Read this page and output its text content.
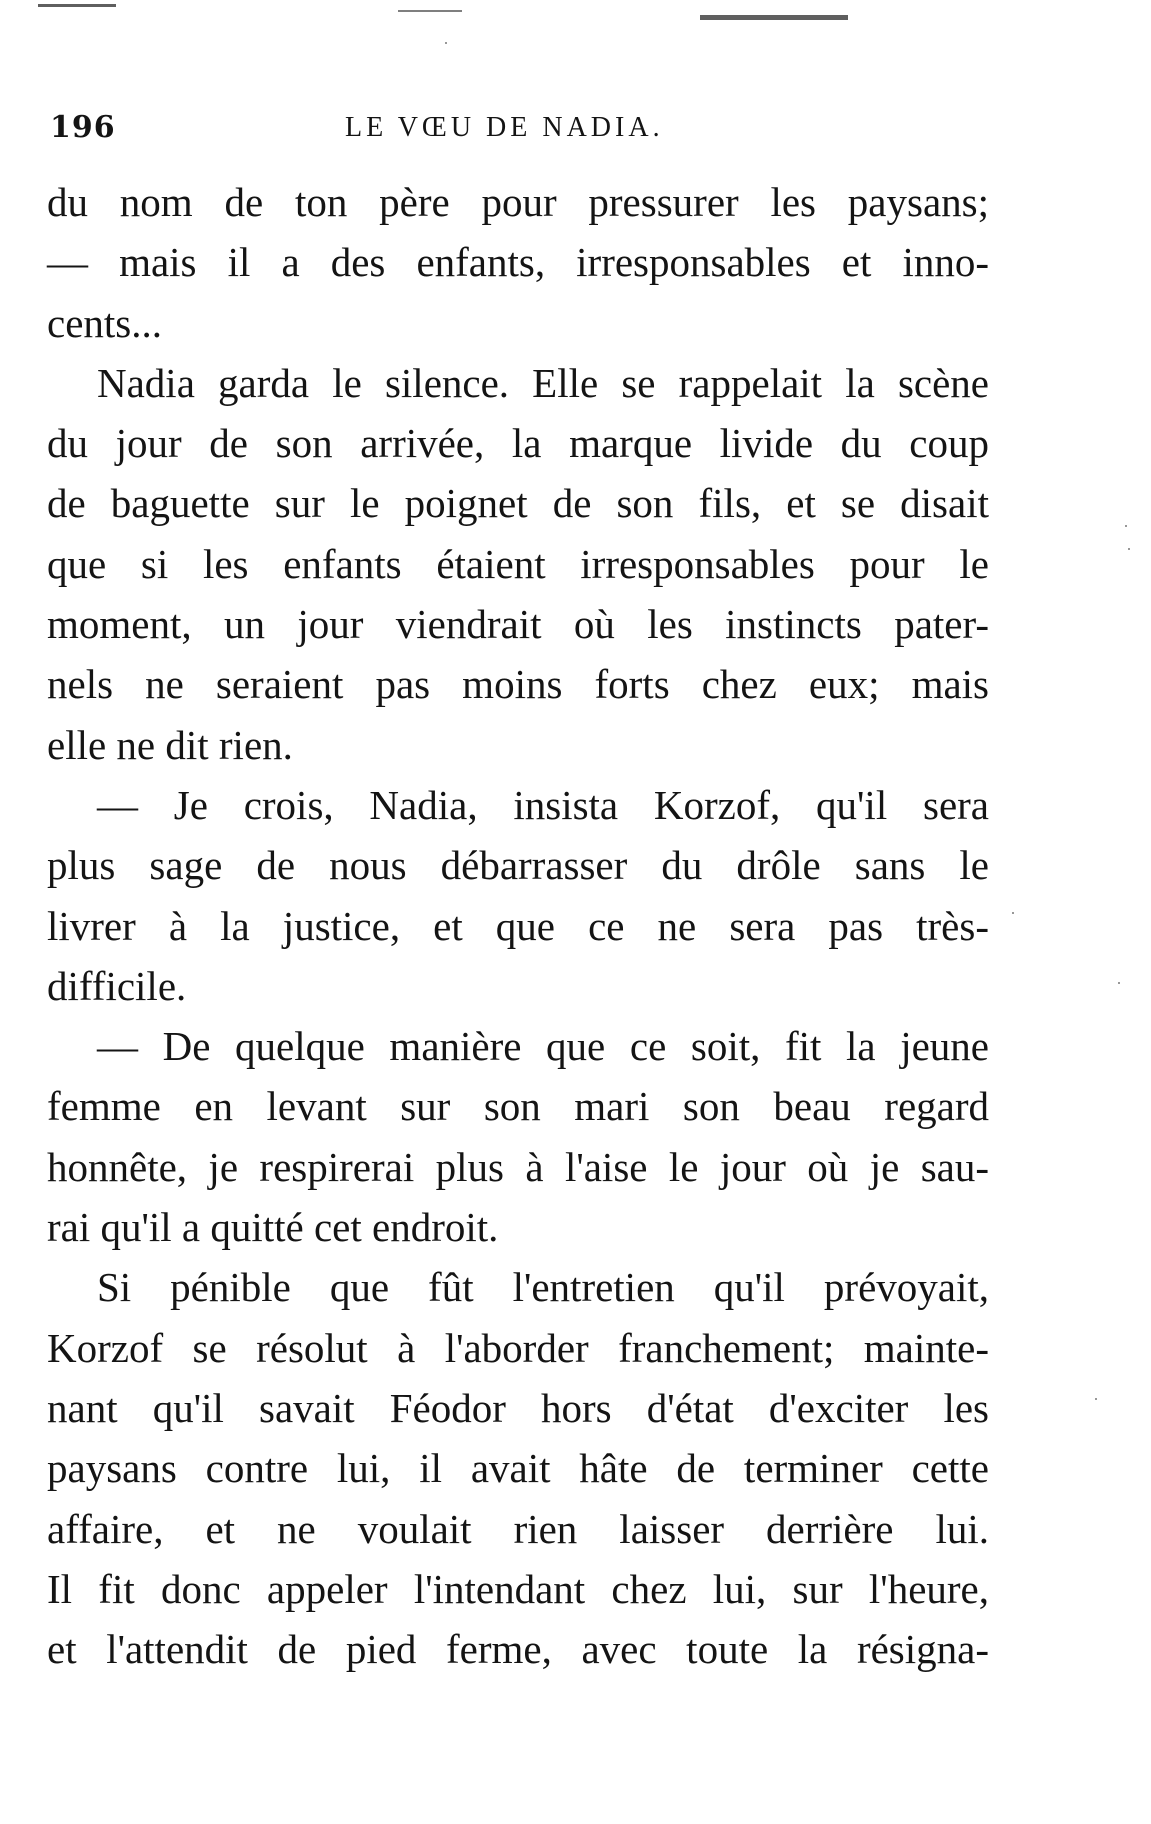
196	LE VŒU DE NADIA.
du nom de ton père pour pressurer les paysans;
— mais il a des enfants, irresponsables et inno-
cents...
Nadia garda le silence. Elle se rappelait la scène
du jour de son arrivée, la marque livide du coup
de baguette sur le poignet de son fils, et se disait
que si les enfants étaient irresponsables pour le
moment, un jour viendrait où les instincts pater-
nels ne seraient pas moins forts chez eux; mais
elle ne dit rien.
— Je crois, Nadia, insista Korzof, qu'il sera
plus sage de nous débarrasser du drôle sans le
livrer à la justice, et que ce ne sera pas très-
difficile.
— De quelque manière que ce soit, fit la jeune
femme en levant sur son mari son beau regard
honnête, je respirerai plus à l'aise le jour où je sau-
rai qu'il a quitté cet endroit.
Si pénible que fût l'entretien qu'il prévoyait,
Korzof se résolut à l'aborder franchement; mainte-
nant qu'il savait Féodor hors d'état d'exciter les
paysans contre lui, il avait hâte de terminer cette
affaire, et ne voulait rien laisser derrière lui.
Il fit donc appeler l'intendant chez lui, sur l'heure,
et l'attendit de pied ferme, avec toute la résigna-
